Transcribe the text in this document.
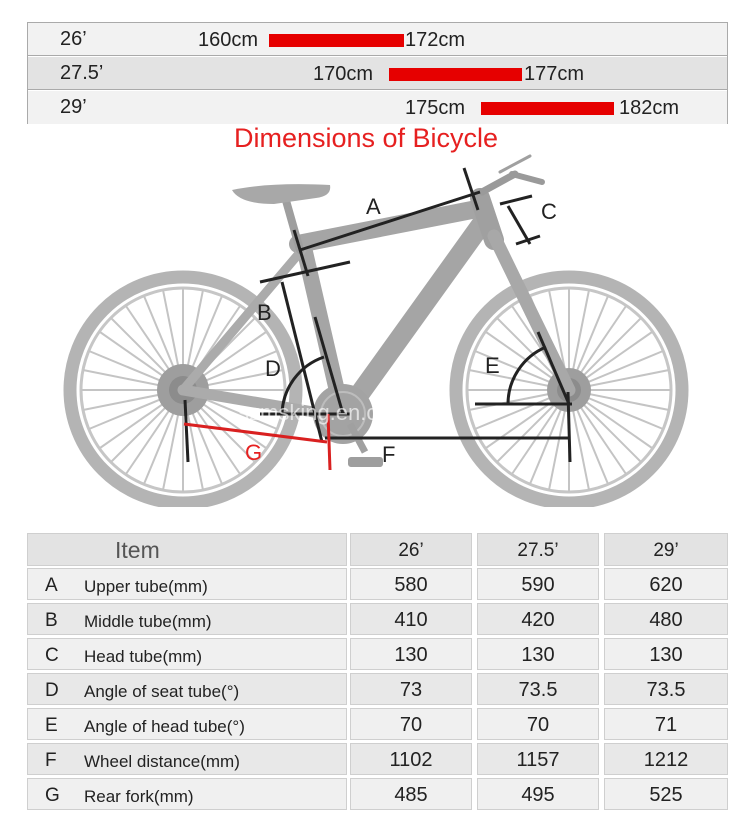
26’	160cm	172cm
27.5’	170cm	177cm
29’	175cm	182cm
Dimensions of Bicycle
A
B
C
D	E
F
G
szmsking.en.com
Item	26’	27.5’	29’
A Upper tube(mm)	580	590	620
B Middle tube(mm)	410	420	480
C Head tube(mm)	130	130	130
D Angle of seat tube(°)	73	73.5	73.5
E Angle of head tube(°)	70	70	71
F Wheel distance(mm)	1102	1157	1212
G Rear fork(mm)	485	495	525
